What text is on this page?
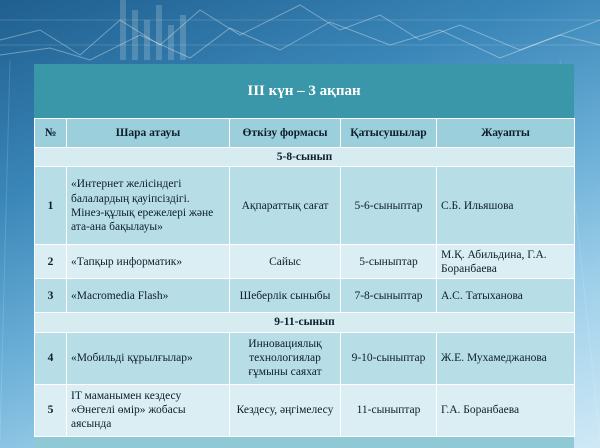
III күн – 3 ақпан
№	Шара атауы	Өткізу формасы	Қатысушылар	Жауапты
5-8-сынып				
1	«Интернет желісіндегі балалардың қауіпсіздігі. Мінез-құлық ережелері және ата-ана бақылауы»	Ақпараттық сағат	5-6-сыныптар	С.Б. Ильяшова
2	«Тапқыр информатик»	Сайыс	5-сыныптар	М.Қ. Абильдина, Г.А. Боранбаева
3	«Macromedia Flash»	Шеберлік сыныбы	7-8-сыныптар	А.С. Татыханова
9-11-сынып				
4	«Мобильді құрылғылар»	Инновациялық технологиялар ғұмыны саяхат	9-10-сыныптар	Ж.Е. Мухамеджанова
5	IT маманымен кездесу «Өнегелі өмір» жобасы аясында	Кездесу, әңгімелесу	11-сыныптар	Г.А. Боранбаева
